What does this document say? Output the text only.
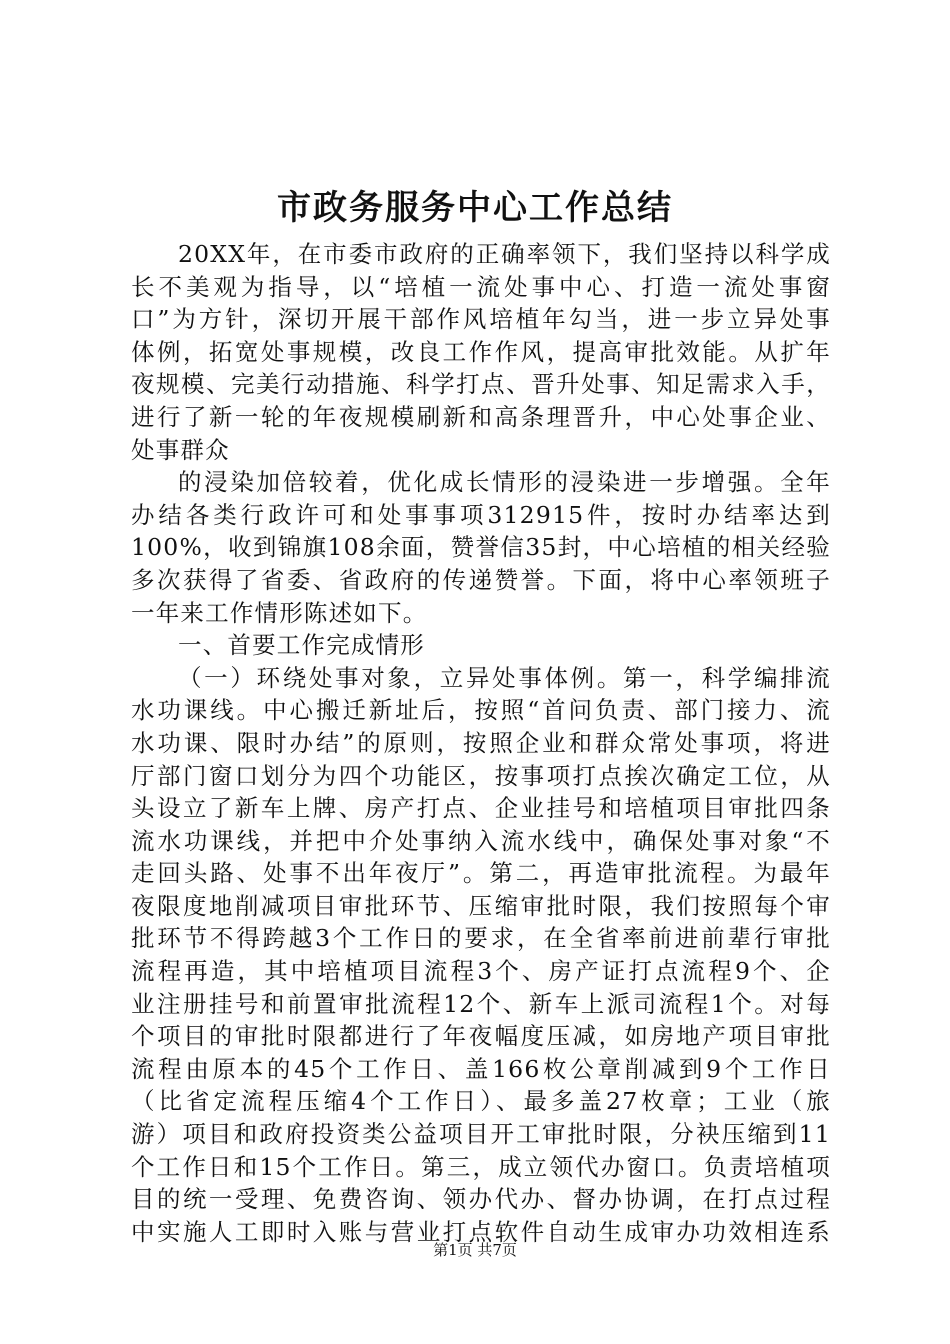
市政务服务中心工作总结
20XX年，在市委市政府的正确率领下，我们坚持以科学成
长不美观为指导，以“培植一流处事中心、打造一流处事窗
口”为方针，深切开展干部作风培植年勾当，进一步立异处事
体例，拓宽处事规模，改良工作作风，提高审批效能。从扩年
夜规模、完美行动措施、科学打点、晋升处事、知足需求入手，
进行了新一轮的年夜规模刷新和高条理晋升，中心处事企业、
处事群众
的浸染加倍较着，优化成长情形的浸染进一步增强。全年
办结各类行政许可和处事事项312915件，按时办结率达到
100%，收到锦旗108余面，赞誉信35封，中心培植的相关经验
多次获得了省委、省政府的传递赞誉。下面，将中心率领班子
一年来工作情形陈述如下。
一、首要工作完成情形
（一）环绕处事对象，立异处事体例。第一，科学编排流
水功课线。中心搬迁新址后，按照“首问负责、部门接力、流
水功课、限时办结”的原则，按照企业和群众常处事项，将进
厅部门窗口划分为四个功能区，按事项打点挨次确定工位，从
头设立了新车上牌、房产打点、企业挂号和培植项目审批四条
流水功课线，并把中介处事纳入流水线中，确保处事对象“不
走回头路、处事不出年夜厅”。第二，再造审批流程。为最年
夜限度地削减项目审批环节、压缩审批时限，我们按照每个审
批环节不得跨越3个工作日的要求，在全省率前进前辈行审批
流程再造，其中培植项目流程3个、房产证打点流程9个、企
业注册挂号和前置审批流程12个、新车上派司流程1个。对每
个项目的审批时限都进行了年夜幅度压减，如房地产项目审批
流程由原本的45个工作日、盖166枚公章削减到9个工作日
（比省定流程压缩4个工作日）、最多盖27枚章；工业（旅
游）项目和政府投资类公益项目开工审批时限，分袂压缩到11
个工作日和15个工作日。第三，成立领代办窗口。负责培植项
目的统一受理、免费咨询、领办代办、督办协调，在打点过程
中实施人工即时入账与营业打点软件自动生成审办功效相连系
第1页 共7页
